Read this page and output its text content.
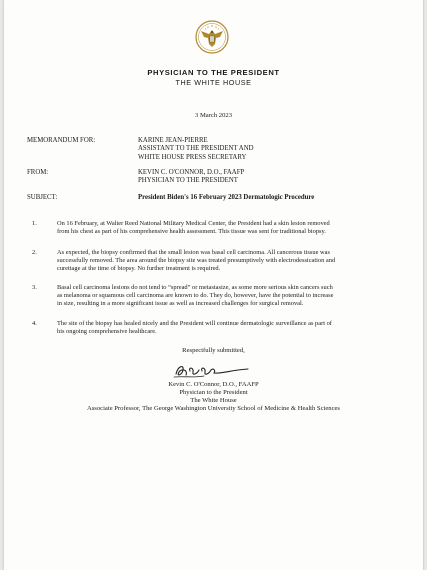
PHYSICIAN TO THE PRESIDENT
THE WHITE HOUSE
3 March 2023
MEMORANDUM FOR:	KARINE JEAN-PIERRE
ASSISTANT TO THE PRESIDENT AND
WHITE HOUSE PRESS SECRETARY
FROM:	KEVIN C. O'CONNOR, D.O., FAAFP
PHYSICIAN TO THE PRESIDENT
SUBJECT:	President Biden's 16 February 2023 Dermatologic Procedure
1.	On 16 February, at Walter Reed National Military Medical Center, the President had a skin lesion removed
from his chest as part of his comprehensive health assessment. This tissue was sent for traditional biopsy.
2.	As expected, the biopsy confirmed that the small lesion was basal cell carcinoma. All cancerous tissue was
successfully removed. The area around the biopsy site was treated presumptively with electrodessication and
curettage at the time of biopsy. No further treatment is required.
3.	Basal cell carcinoma lesions do not tend to “spread” or metastasize, as some more serious skin cancers such
as melanoma or squamous cell carcinoma are known to do. They do, however, have the potential to increase
in size, resulting in a more significant issue as well as increased challenges for surgical removal.
4.	The site of the biopsy has healed nicely and the President will continue dermatologic surveillance as part of
his ongoing comprehensive healthcare.
Respectfully submitted,
Kevin C. O'Connor, D.O., FAAFP
Physician to the President
The White House
Associate Professor, The George Washington University School of Medicine & Health Sciences
